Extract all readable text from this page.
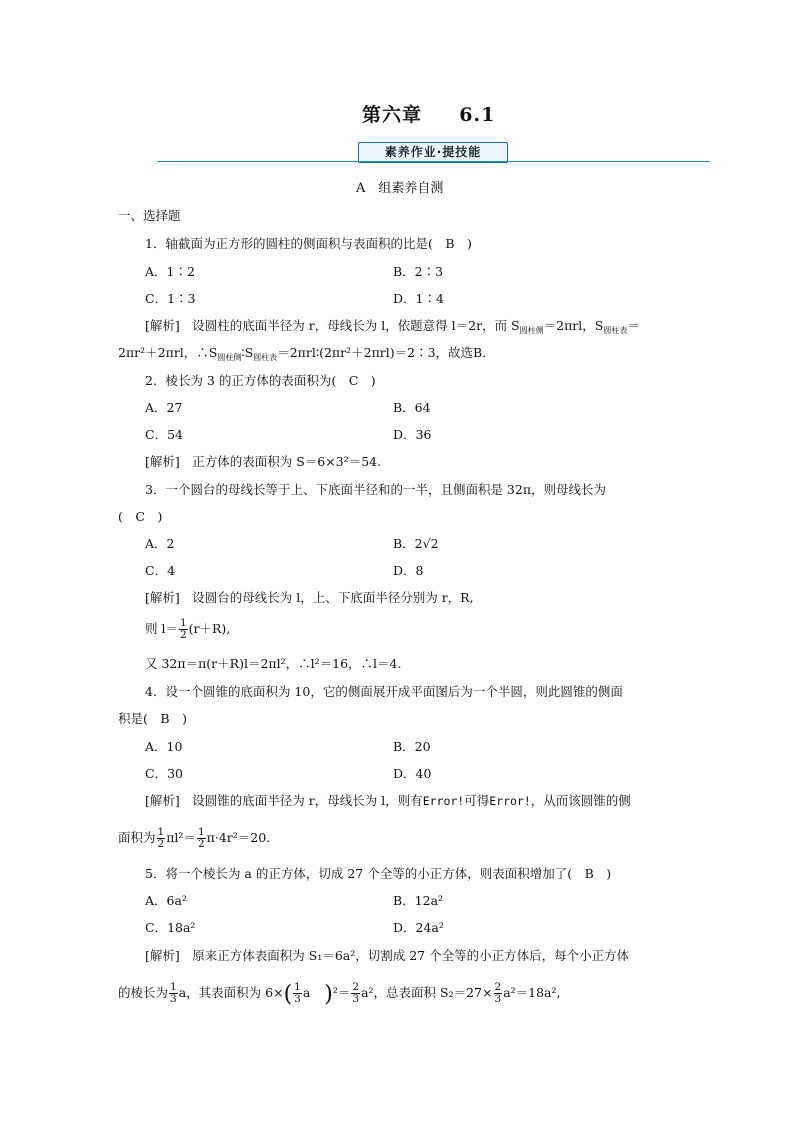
第六章 6.1
素养作业·提技能
A　组素养自测
一、选择题
1．轴截面为正方形的圆柱的侧面积与表面积的比是(　B　)
A．1∶2	B．2∶3
C．1∶3	D．1∶4
[解析]　设圆柱的底面半径为 r，母线长为 l，依题意得 l＝2r，而 $S_{圆柱侧}=2\pi rl$，$S_{圆柱表}=$
2πr²＋2πrl，$\therefore S_{圆柱侧}∶S_{圆柱表}=2\pi rl∶(2\pi r^2+2\pi rl)=2∶3$，故选B．
2．棱长为 3 的正方体的表面积为(　C　)
A．27	B．64
C．54	D．36
[解析]　正方体的表面积为 S＝6×3²＝54.
3．一个圆台的母线长等于上、下底面半径和的一半，且侧面积是 32π，则母线长为
(　C　)
A．2	B．2√2
C．4	D．8
[解析]　设圆台的母线长为 l，上、下底面半径分别为 r，R,
则 $l= \frac{1}{2} (r+R)$,
又 32π＝π(r＋R)l＝2πl²，∴l²＝16，∴l＝4.
4．设一个圆锥的底面积为 10，它的侧面展开成平面图后为一个半圆，则此圆锥的侧面
积是(　B　)
A．10	B．20
C．30	D．40
[解析]　设圆锥的底面半径为 r，母线长为 l，则有Error!可得Error!，从而该圆锥的侧
面积为 $\frac{1}{2} \pi l^2= \frac{1}{2} \pi\cdot 4r^2=20$.
5．将一个棱长为 a 的正方体，切成 27 个全等的小正方体，则表面积增加了(　B　)
A．6a²	B．12a²
C．18a²	D．24a²
[解析]　原来正方体表面积为 S₁＝6a²，切割成 27 个全等的小正方体后，每个小正方体
的棱长为 $\frac{1}{3}$ a，其表面积为 $6\times( \frac{1}{3}$ a )$^2= \frac{2}{3} a^2$，总表面积 $S_2=27\times \frac{2}{3} a^2=18a^2$,
